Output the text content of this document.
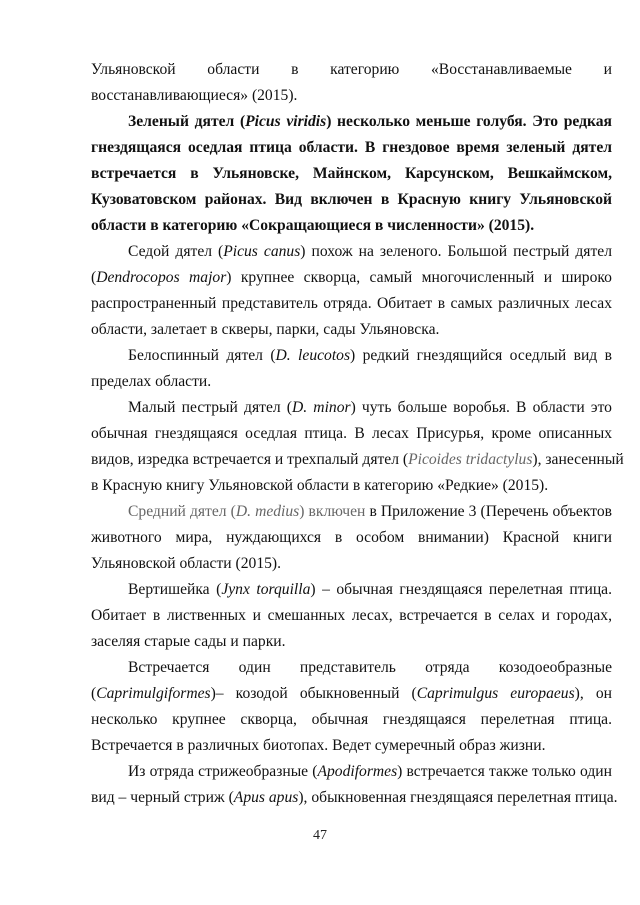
Ульяновской области в категорию «Восстанавливаемые и
восстанавливающиеся» (2015).
Зеленый дятел (Picus viridis) несколько меньше голубя. Это редкая
гнездящаяся оседлая птица области. В гнездовое время зеленый дятел
встречается в Ульяновске, Майнском, Карсунском, Вешкаймском,
Кузоватовском районах. Вид включен в Красную книгу Ульяновской
области в категорию «Сокращающиеся в численности» (2015).
Седой дятел (Picus canus) похож на зеленого. Большой пестрый дятел
(Dendrocopos major) крупнее скворца, самый многочисленный и широко
распространенный представитель отряда. Обитает в самых различных лесах
области, залетает в скверы, парки, сады Ульяновска.
Белоспинный дятел (D. leucotos) редкий гнездящийся оседлый вид в
пределах области.
Малый пестрый дятел (D. minor) чуть больше воробья. В области это
обычная гнездящаяся оседлая птица. В лесах Присурья, кроме описанных
видов, изредка встречается и трехпалый дятел (Picoides tridactylus), занесенный
в Красную книгу Ульяновской области в категорию «Редкие» (2015).
Средний дятел (D. medius) включен в Приложение 3 (Перечень объектов
животного мира, нуждающихся в особом внимании) Красной книги
Ульяновской области (2015).
Вертишейка (Jynx torquilla) – обычная гнездящаяся перелетная птица.
Обитает в лиственных и смешанных лесах, встречается в селах и городах,
заселяя старые сады и парки.
Встречается один представитель отряда козодоеобразные
(Caprimulgiformes)– козодой обыкновенный (Caprimulgus europaeus), он
несколько крупнее скворца, обычная гнездящаяся перелетная птица.
Встречается в различных биотопах. Ведет сумеречный образ жизни.
Из отряда стрижеобразные (Apodiformes) встречается также только один
вид – черный стриж (Apus apus), обыкновенная гнездящаяся перелетная птица.
47
